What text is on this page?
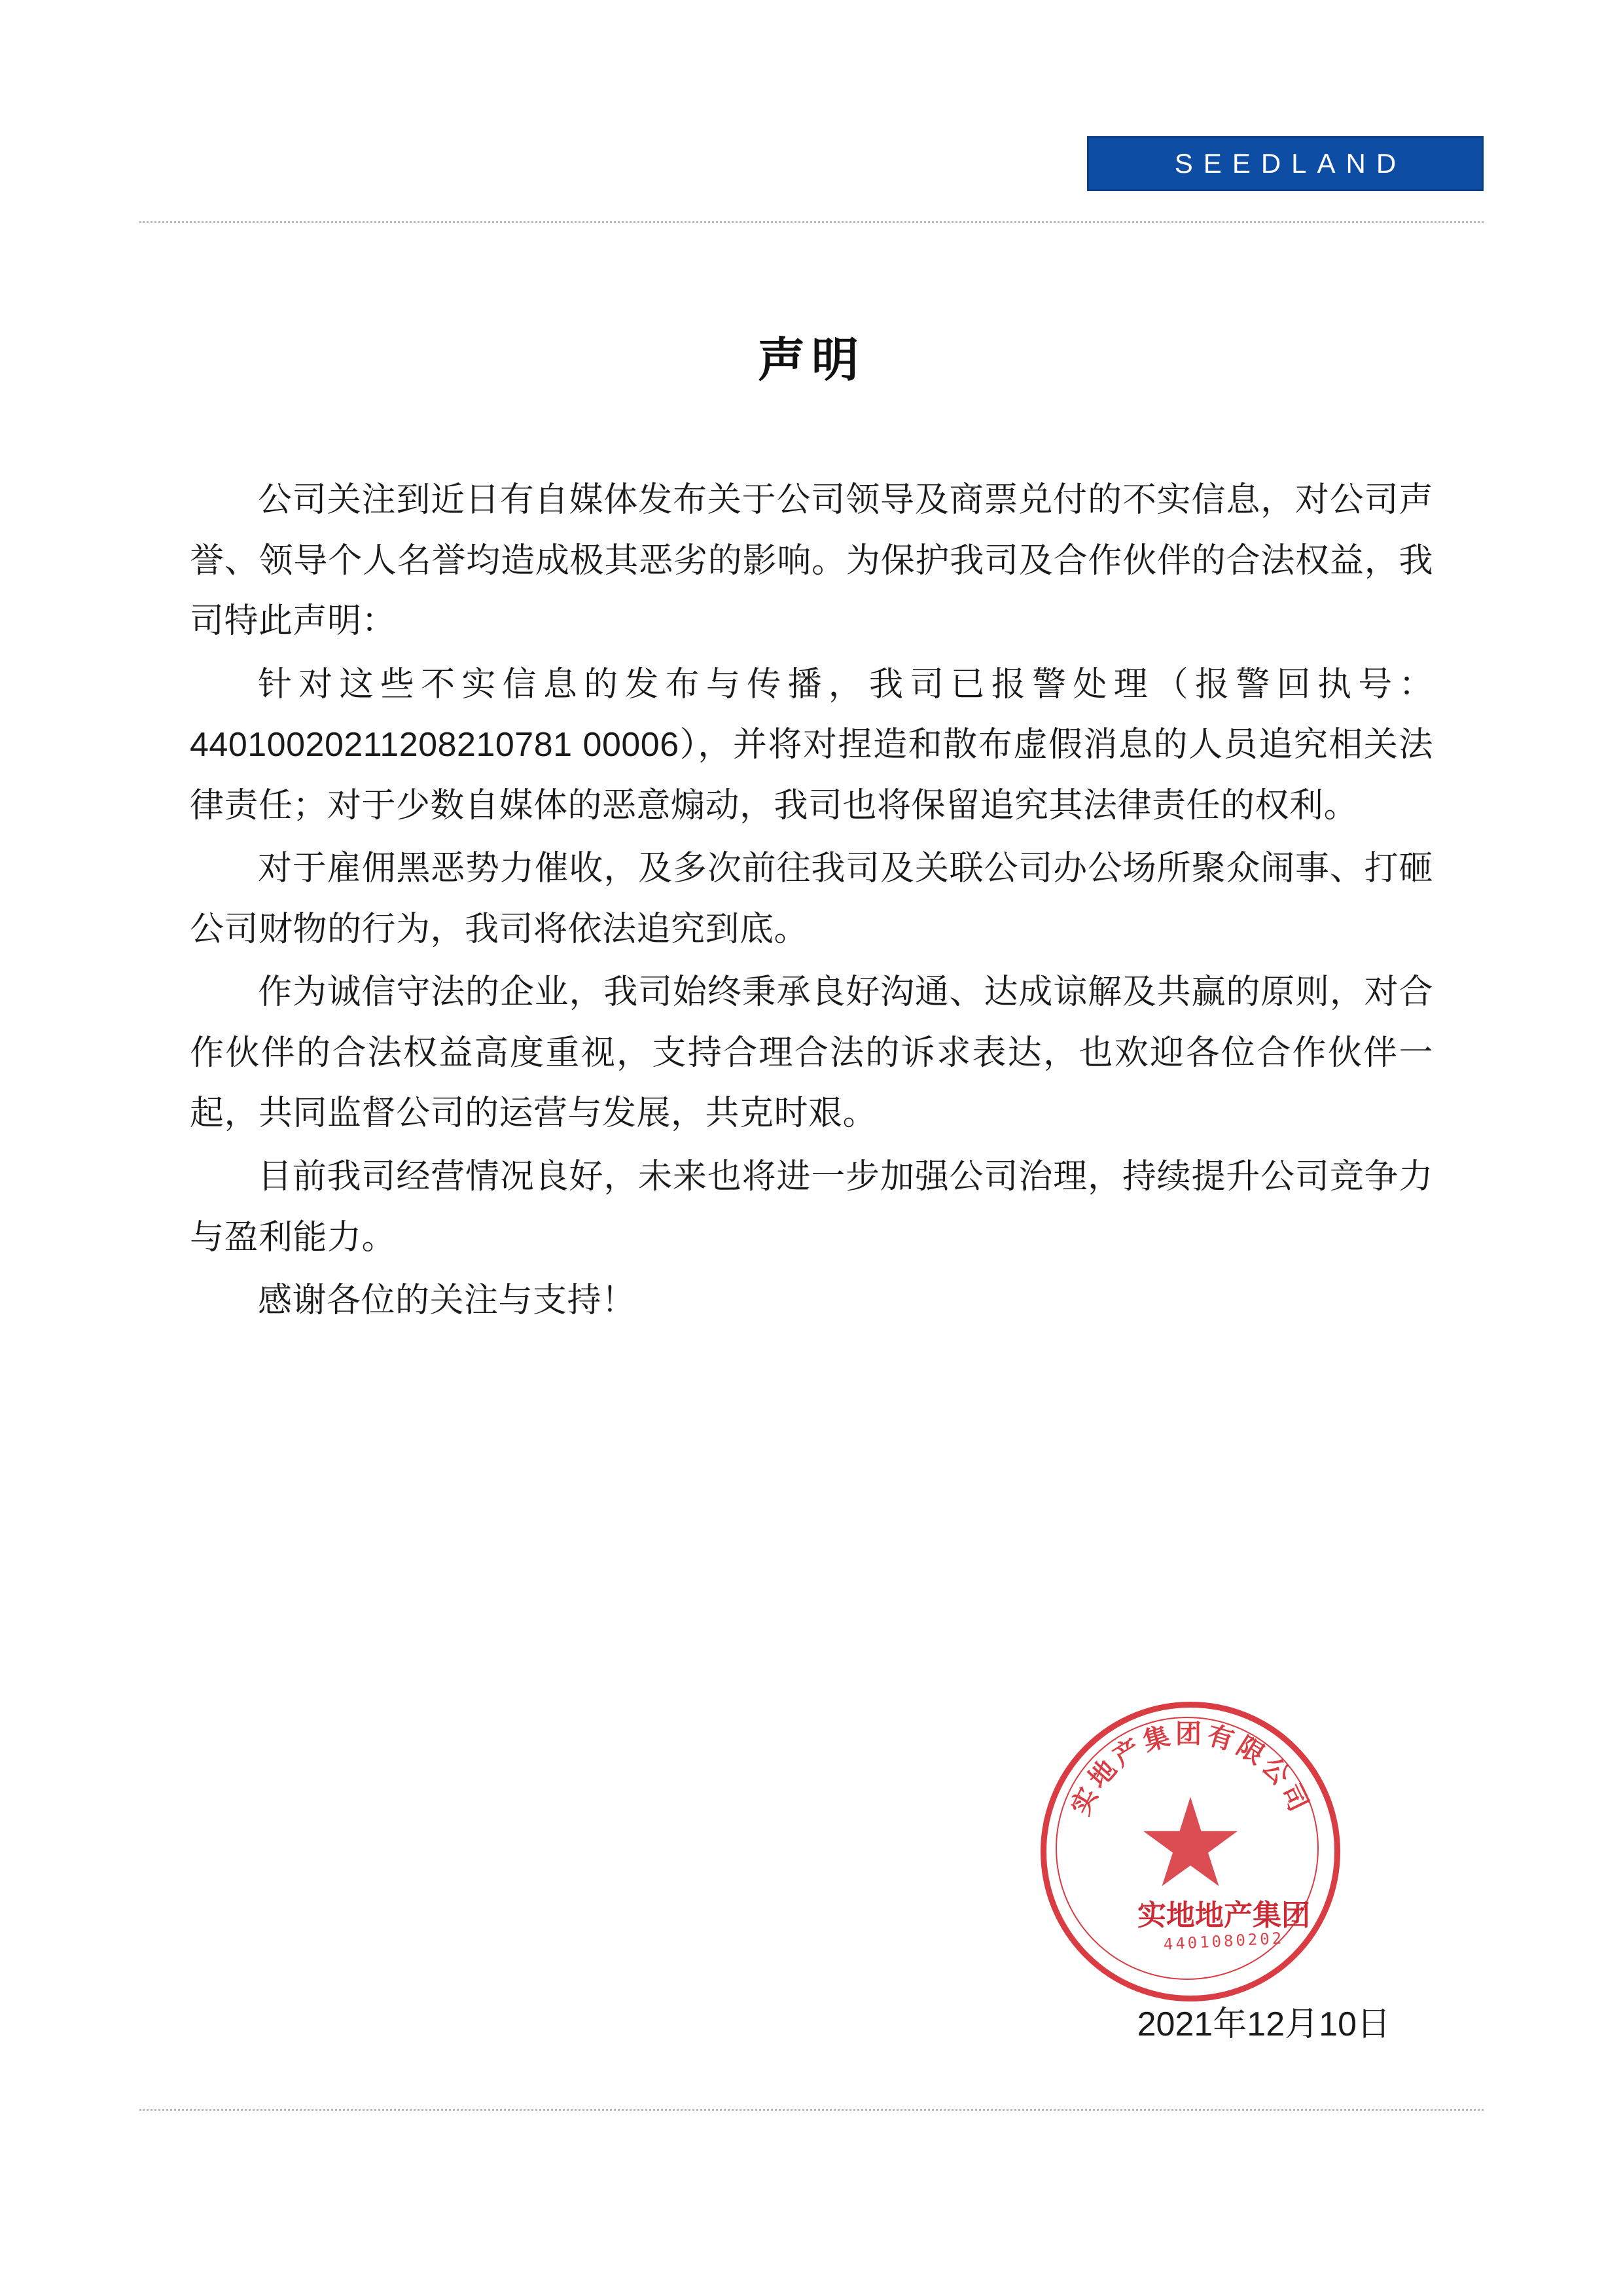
SEEDLAND
声明

公司关注到近日有自媒体发布关于公司领导及商票兑付的不实信息，对公司声誉、领导个人名誉均造成极其恶劣的影响。为保护我司及合作伙伴的合法权益，我司特此声明：

针对这些不实信息的发布与传播，我司已报警处理（报警回执号：44010020211208210781 00006），并将对捏造和散布虚假消息的人员追究相关法律责任；对于少数自媒体的恶意煽动，我司也将保留追究其法律责任的权利。

对于雇佣黑恶势力催收，及多次前往我司及关联公司办公场所聚众闹事、打砸公司财物的行为，我司将依法追究到底。

作为诚信守法的企业，我司始终秉承良好沟通、达成谅解及共赢的原则，对合作伙伴的合法权益高度重视，支持合理合法的诉求表达，也欢迎各位合作伙伴一起，共同监督公司的运营与发展，共克时艰。

目前我司经营情况良好，未来也将进一步加强公司治理，持续提升公司竞争力与盈利能力。

感谢各位的关注与支持！

实地产集团有限公司
实地地产集团
4401080202
2021年12月10日
